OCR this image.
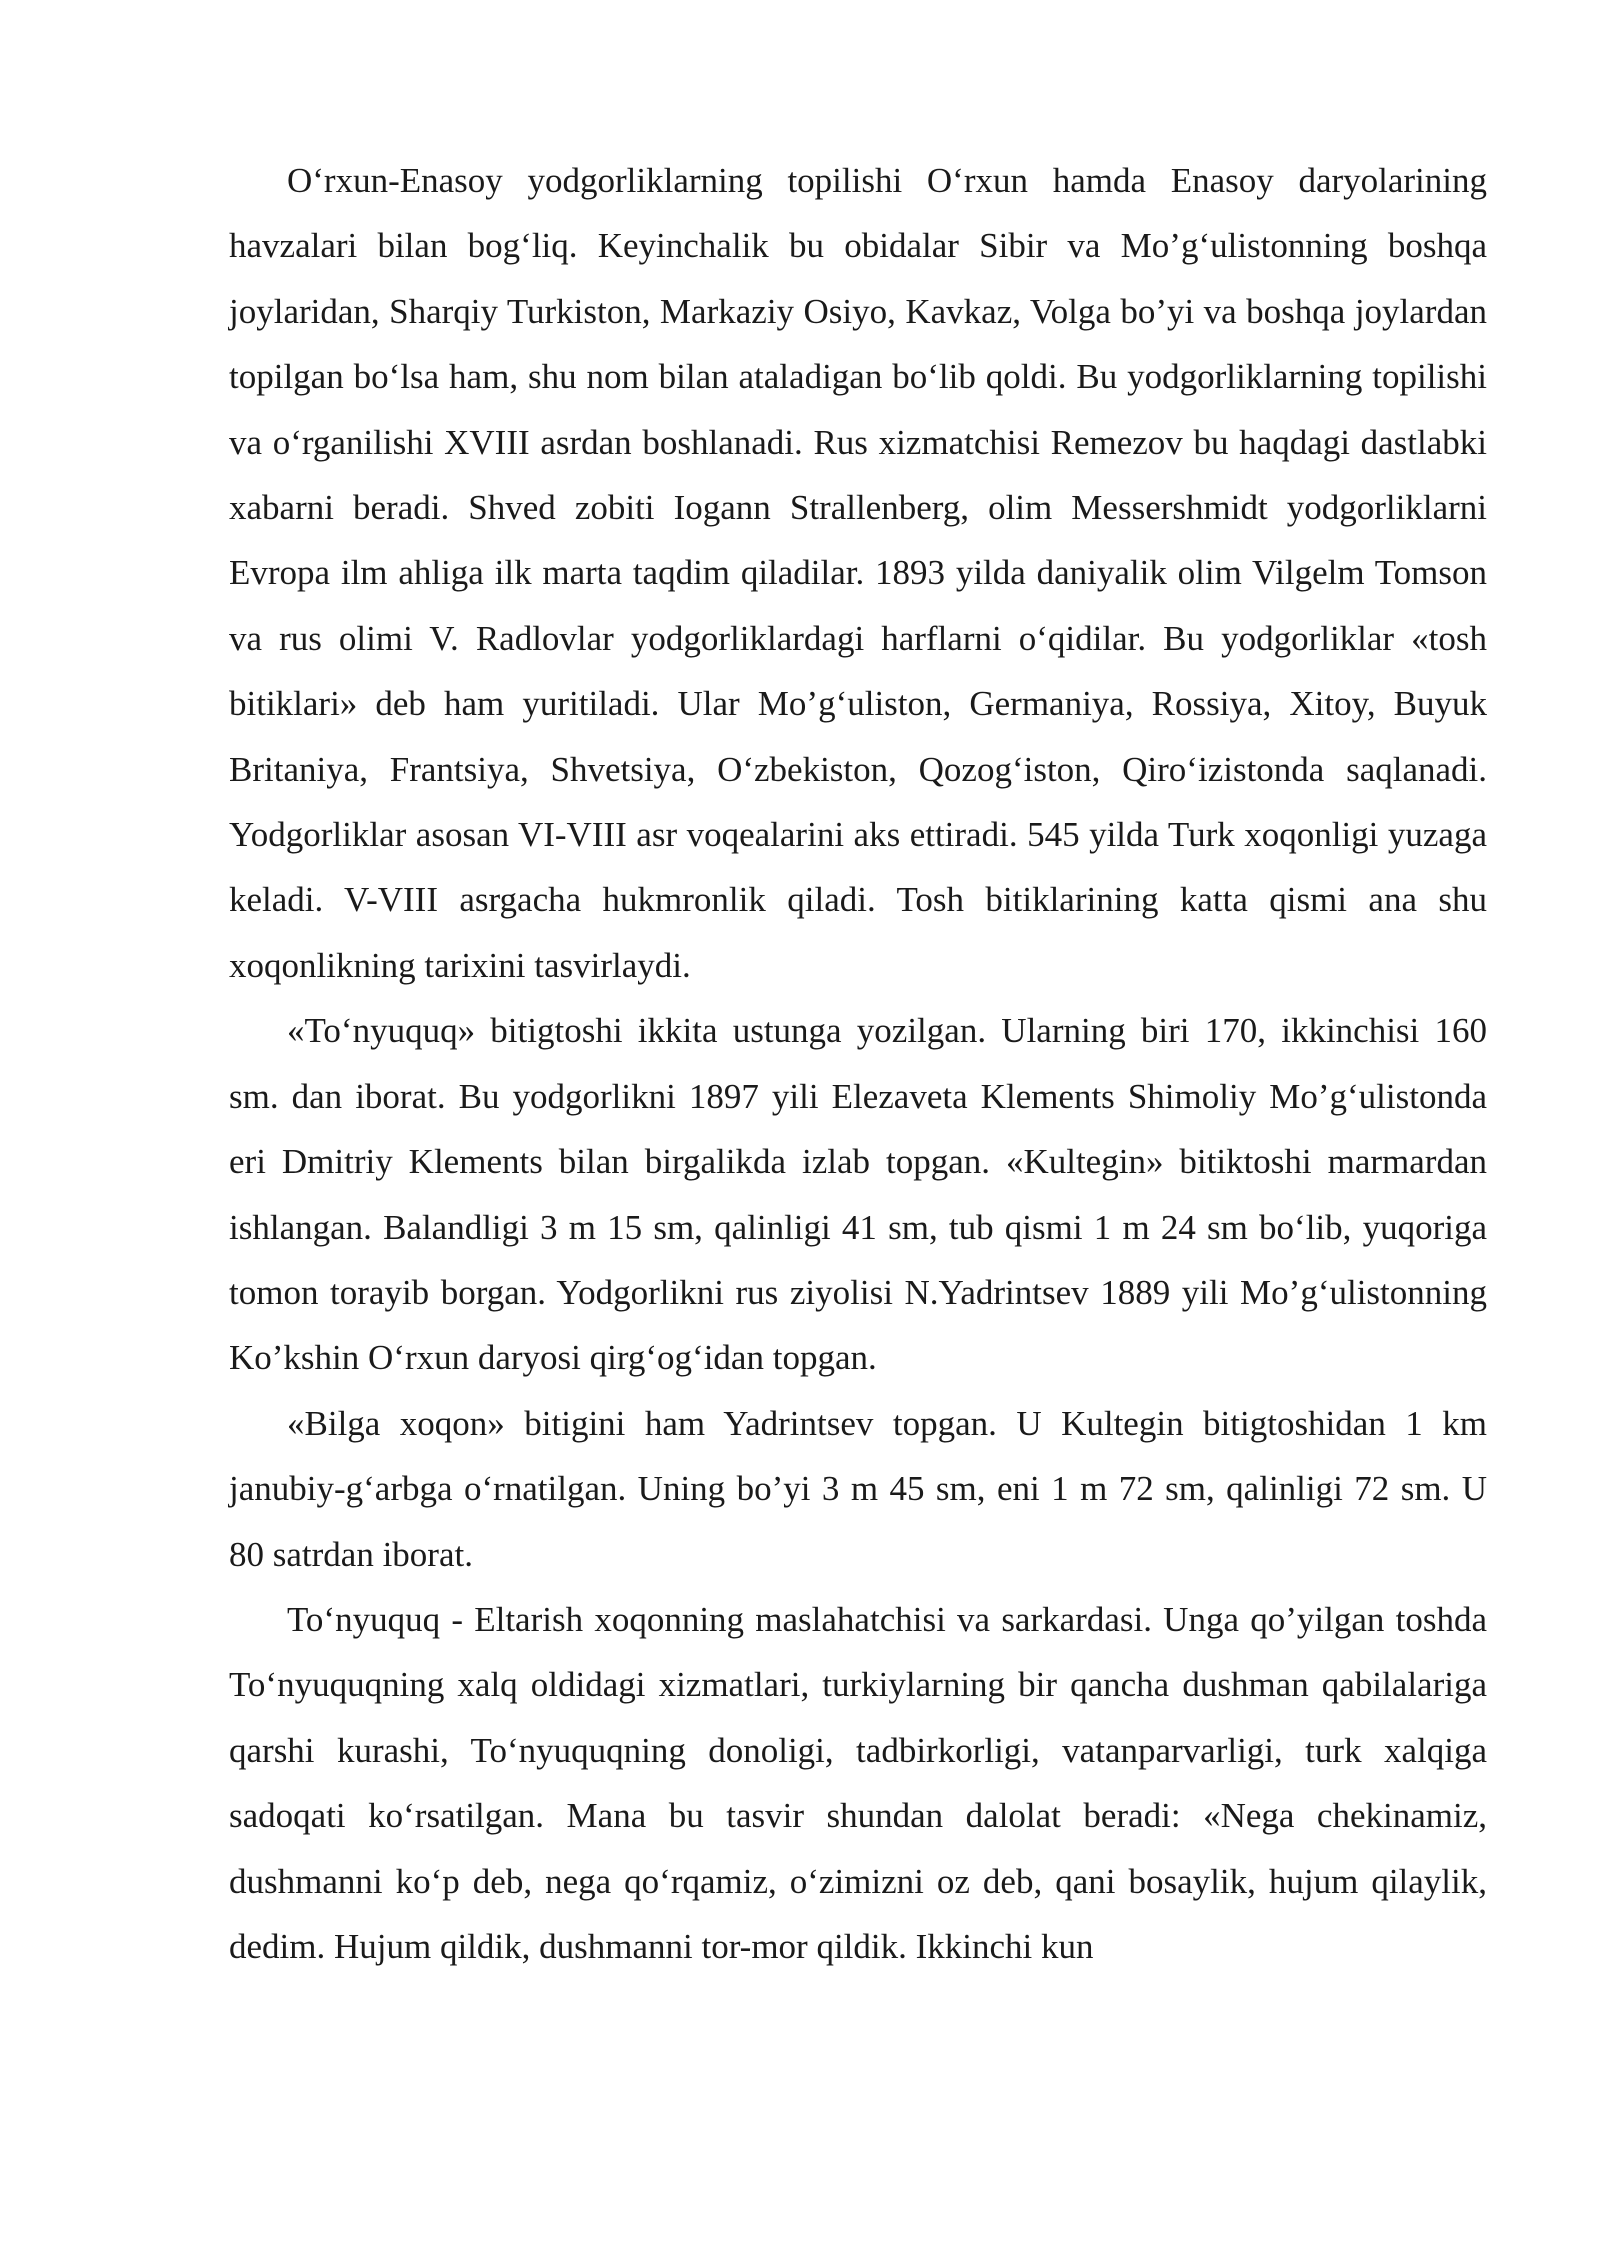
O‘rxun-Enasoy yodgorliklarning topilishi O‘rxun hamda Enasoy daryolarining havzalari bilan bog‘liq. Keyinchalik bu obidalar Sibir va Mo’g‘ulistonning boshqa joylaridan, Sharqiy Turkiston, Markaziy Osiyo, Kavkaz, Volga bo’yi va boshqa joylardan topilgan bo‘lsa ham, shu nom bilan ataladigan bo‘lib qoldi. Bu yodgorliklarning topilishi va o‘rganilishi XVIII asrdan boshlanadi. Rus xizmatchisi Remezov bu haqdagi dastlabki xabarni beradi. Shved zobiti Iogann Strallenberg, olim Messershmidt yodgorliklarni Evropa ilm ahliga ilk marta taqdim qiladilar. 1893 yilda daniyalik olim Vilgelm Tomson va rus olimi V. Radlovlar yodgorliklardagi harflarni o‘qidilar. Bu yodgorliklar «tosh bitiklari» deb ham yuritiladi. Ular Mo’g‘uliston, Germaniya, Rossiya, Xitoy, Buyuk Britaniya, Frantsiya, Shvetsiya, O‘zbekiston, Qozog‘iston, Qiro‘izistonda saqlanadi. Yodgorliklar asosan VI-VIII asr voqealarini aks ettiradi. 545 yilda Turk xoqonligi yuzaga keladi. V-VIII asrgacha hukmronlik qiladi. Tosh bitiklarining katta qismi ana shu xoqonlikning tarixini tasvirlaydi.

«To‘nyuquq» bitigtoshi ikkita ustunga yozilgan. Ularning biri 170, ikkinchisi 160 sm. dan iborat. Bu yodgorlikni 1897 yili Elezaveta Klements Shimoliy Mo’g‘ulistonda eri Dmitriy Klements bilan birgalikda izlab topgan. «Kultegin» bitiktoshi marmardan ishlangan. Balandligi 3 m 15 sm, qalinligi 41 sm, tub qismi 1 m 24 sm bo‘lib, yuqoriga tomon torayib borgan. Yodgorlikni rus ziyolisi N.Yadrintsev 1889 yili Mo’g‘ulistonning Ko’kshin O‘rxun daryosi qirg‘og‘idan topgan.

«Bilga xoqon» bitigini ham Yadrintsev topgan. U Kultegin bitigtoshidan 1 km janubiy-g‘arbga o‘rnatilgan. Uning bo’yi 3 m 45 sm, eni 1 m 72 sm, qalinligi 72 sm. U 80 satrdan iborat.

To‘nyuquq - Eltarish xoqonning maslahatchisi va sarkardasi. Unga qo’yilgan toshda To‘nyuquqning xalq oldidagi xizmatlari, turkiylarning bir qancha dushman qabilalariga qarshi kurashi, To‘nyuquqning donoligi, tadbirkorligi, vatanparvarligi, turk xalqiga sadoqati ko‘rsatilgan. Mana bu tasvir shundan dalolat beradi: «Nega chekinamiz, dushmanni ko‘p deb, nega qo‘rqamiz, o‘zimizni oz deb, qani bosaylik, hujum qilaylik, dedim. Hujum qildik, dushmanni tor-mor qildik. Ikkinchi kun
